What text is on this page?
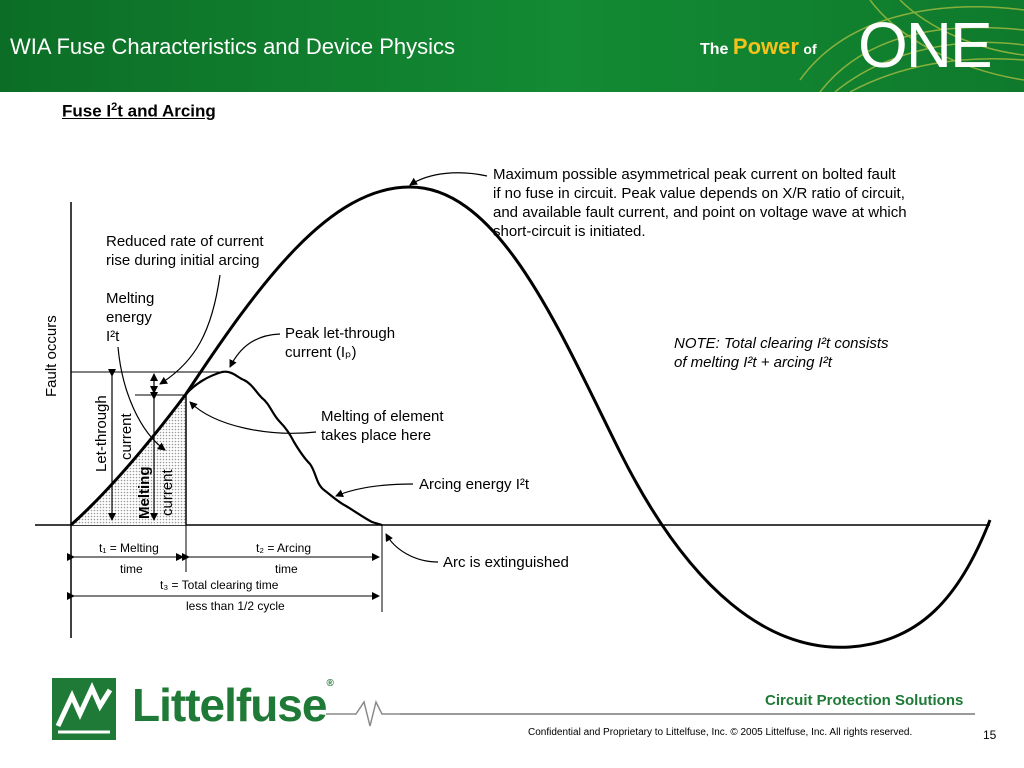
WIA Fuse Characteristics and Device Physics	The Power of ONE
Fuse $I^2t$ and Arcing
Fault occurs
Let-through current
Melting current
Maximum possible asymmetrical peak current on bolted fault
if no fuse in circuit. Peak value depends on X/R ratio of circuit,
and available fault current, and point on voltage wave at which
short-circuit is initiated.
Reduced rate of current
rise during initial arcing
Melting
energy
I²t	Peak let-through
current (Iₚ)
Melting of element
takes place here
Arcing energy I²t
Arc is extinguished
NOTE: Total clearing I²t consists
of melting I²t + arcing I²t
t₁ = Melting
time
t₂ = Arcing
time
t₃ = Total clearing time
less than 1/2 cycle
Littelfuse®
Circuit Protection Solutions
Confidential and Proprietary to Littelfuse, Inc. © 2005 Littelfuse, Inc. All rights reserved.	15
